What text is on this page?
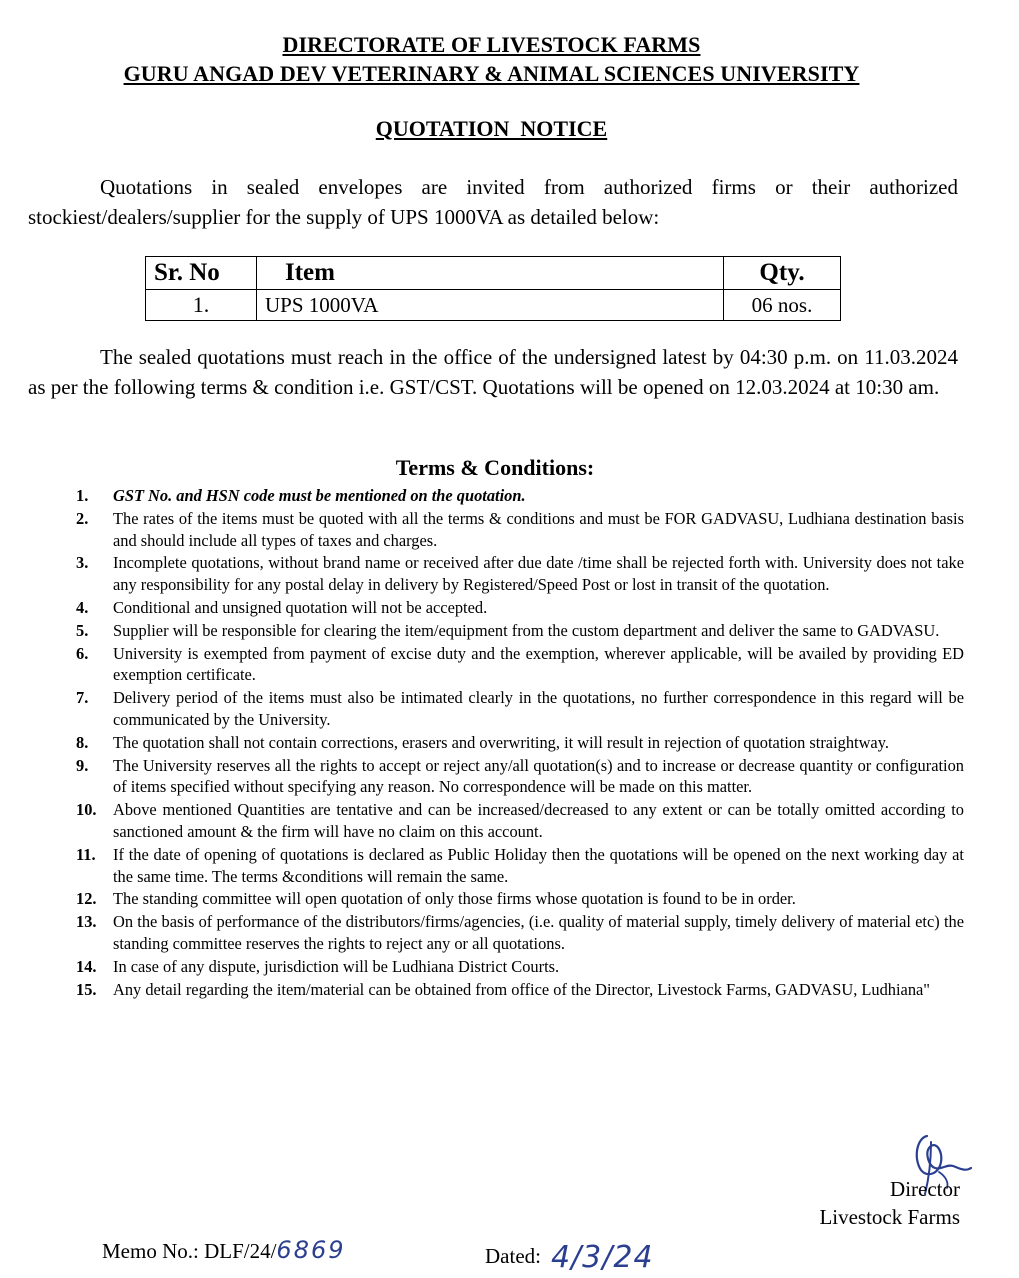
DIRECTORATE OF LIVESTOCK FARMS
GURU ANGAD DEV VETERINARY & ANIMAL SCIENCES UNIVERSITY
QUOTATION  NOTICE
Quotations in sealed envelopes are invited from authorized firms or their authorized stockiest/dealers/supplier for the supply of UPS 1000VA as detailed below:
Sr. No	Item	Qty.
1.	UPS 1000VA	06 nos.
The sealed quotations must reach in the office of the undersigned latest by 04:30 p.m. on 11.03.2024 as per the following terms & condition i.e. GST/CST. Quotations will be opened on 12.03.2024 at 10:30 am.
Terms & Conditions:
1.	GST No. and HSN code must be mentioned on the quotation.
2.	The rates of the items must be quoted with all the terms & conditions and must be FOR GADVASU, Ludhiana destination basis and should include all types of taxes and charges.
3.	Incomplete quotations, without brand name or received after due date /time shall be rejected forth with. University does not take any responsibility for any postal delay in delivery by Registered/Speed Post or lost in transit of the quotation.
4.	Conditional and unsigned quotation will not be accepted.
5.	Supplier will be responsible for clearing the item/equipment from the custom department and deliver the same to GADVASU.
6.	University is exempted from payment of excise duty and the exemption, wherever applicable, will be availed by providing ED exemption certificate.
7.	Delivery period of the items must also be intimated clearly in the quotations, no further correspondence in this regard will be communicated by the University.
8.	The quotation shall not contain corrections, erasers and overwriting, it will result in rejection of quotation straightway.
9.	The University reserves all the rights to accept or reject any/all quotation(s) and to increase or decrease quantity or configuration of items specified without specifying any reason. No correspondence will be made on this matter.
10.	Above mentioned Quantities are tentative and can be increased/decreased to any extent or can be totally omitted according to sanctioned amount & the firm will have no claim on this account.
11.	If the date of opening of quotations is declared as Public Holiday then the quotations will be opened on the next working day at the same time. The terms &conditions will remain the same.
12.	The standing committee will open quotation of only those firms whose quotation is found to be in order.
13.	On the basis of performance of the distributors/firms/agencies, (i.e. quality of material supply, timely delivery of material etc) the standing committee reserves the rights to reject any or all quotations.
14.	In case of any dispute, jurisdiction will be Ludhiana District Courts.
15.	Any detail regarding the item/material can be obtained from office of the Director, Livestock Farms, GADVASU, Ludhiana"
Director
Livestock Farms
Memo No.: DLF/24/6869	Dated: 4/3/24
